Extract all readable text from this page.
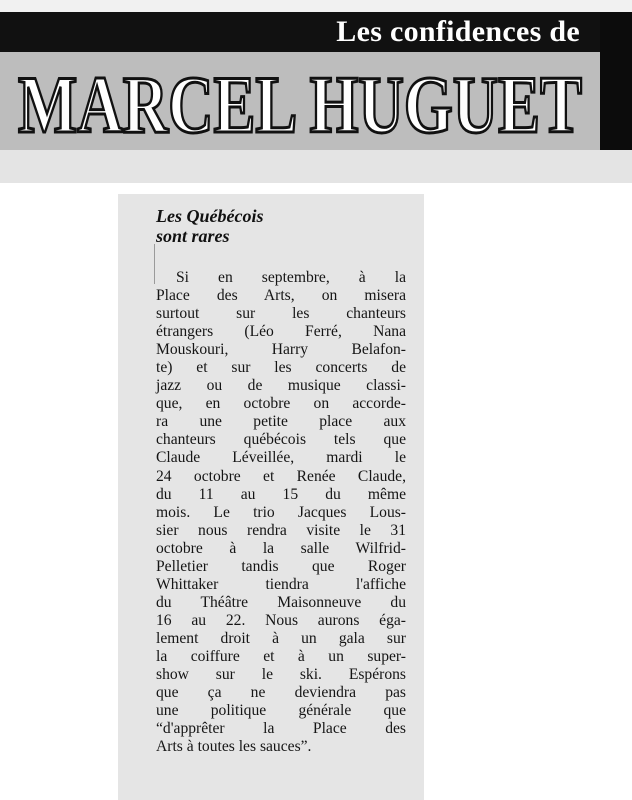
Les confidences de
MARCEL HUGUET
Les Québécois
sont rares
Si en septembre, à la
Place des Arts, on misera
surtout sur les chanteurs
étrangers (Léo Ferré, Nana
Mouskouri, Harry Belafon-
te) et sur les concerts de
jazz ou de musique classi-
que, en octobre on accorde-
ra une petite place aux
chanteurs québécois tels que
Claude Léveillée, mardi le
24 octobre et Renée Claude,
du 11 au 15 du même
mois. Le trio Jacques Lous-
sier nous rendra visite le 31
octobre à la salle Wilfrid-
Pelletier tandis que Roger
Whittaker tiendra l'affiche
du Théâtre Maisonneuve du
16 au 22. Nous aurons éga-
lement droit à un gala sur
la coiffure et à un super-
show sur le ski. Espérons
que ça ne deviendra pas
une politique générale que
“d'apprêter la Place des
Arts à toutes les sauces”.
